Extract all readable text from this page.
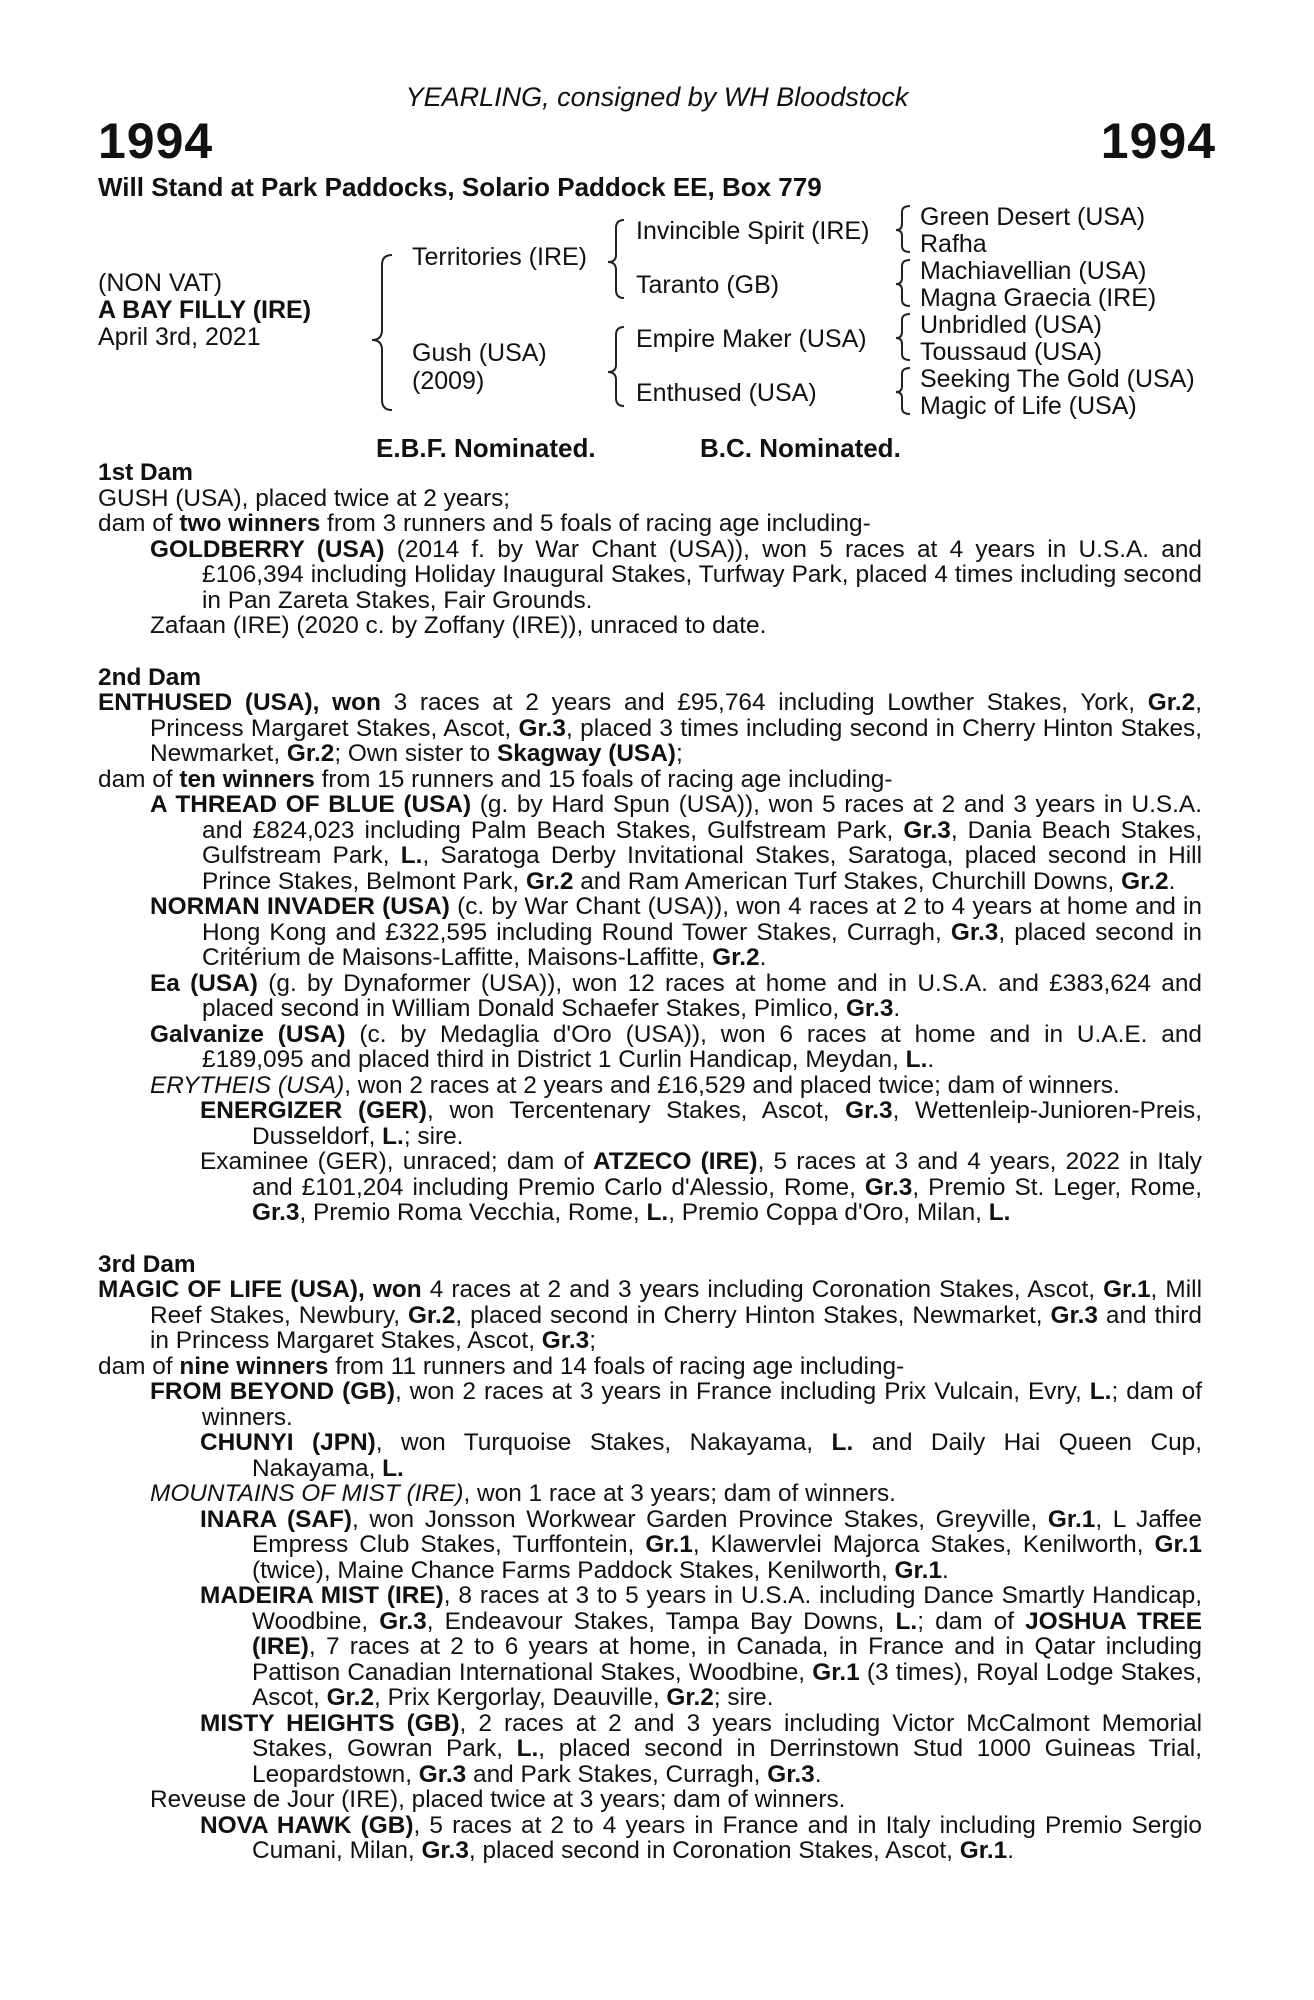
YEARLING, consigned by WH Bloodstock
1994	1994
Will Stand at Park Paddocks, Solario Paddock EE, Box 779
(NON VAT)
A BAY FILLY (IRE)
April 3rd, 2021
Territories (IRE)
Gush (USA)
(2009)
Invincible Spirit (IRE)
Taranto (GB)
Empire Maker (USA)
Enthused (USA)
Green Desert (USA)
Rafha
Machiavellian (USA)
Magna Graecia (IRE)
Unbridled (USA)
Toussaud (USA)
Seeking The Gold (USA)
Magic of Life (USA)
E.B.F. Nominated.	B.C. Nominated.
1st Dam
GUSH (USA), placed twice at 2 years;
dam of two winners from 3 runners and 5 foals of racing age including-
GOLDBERRY (USA) (2014 f. by War Chant (USA)), won 5 races at 4 years in U.S.A. and £106,394 including Holiday Inaugural Stakes, Turfway Park, placed 4 times including second in Pan Zareta Stakes, Fair Grounds.
Zafaan (IRE) (2020 c. by Zoffany (IRE)), unraced to date.
2nd Dam
ENTHUSED (USA), won 3 races at 2 years and £95,764 including Lowther Stakes, York, Gr.2, Princess Margaret Stakes, Ascot, Gr.3, placed 3 times including second in Cherry Hinton Stakes, Newmarket, Gr.2; Own sister to Skagway (USA);
dam of ten winners from 15 runners and 15 foals of racing age including-
A THREAD OF BLUE (USA) (g. by Hard Spun (USA)), won 5 races at 2 and 3 years in U.S.A. and £824,023 including Palm Beach Stakes, Gulfstream Park, Gr.3, Dania Beach Stakes, Gulfstream Park, L., Saratoga Derby Invitational Stakes, Saratoga, placed second in Hill Prince Stakes, Belmont Park, Gr.2 and Ram American Turf Stakes, Churchill Downs, Gr.2.
NORMAN INVADER (USA) (c. by War Chant (USA)), won 4 races at 2 to 4 years at home and in Hong Kong and £322,595 including Round Tower Stakes, Curragh, Gr.3, placed second in Critérium de Maisons-Laffitte, Maisons-Laffitte, Gr.2.
Ea (USA) (g. by Dynaformer (USA)), won 12 races at home and in U.S.A. and £383,624 and placed second in William Donald Schaefer Stakes, Pimlico, Gr.3.
Galvanize (USA) (c. by Medaglia d'Oro (USA)), won 6 races at home and in U.A.E. and £189,095 and placed third in District 1 Curlin Handicap, Meydan, L..
ERYTHEIS (USA), won 2 races at 2 years and £16,529 and placed twice; dam of winners.
ENERGIZER (GER), won Tercentenary Stakes, Ascot, Gr.3, Wettenleip-Junioren-Preis, Dusseldorf, L.; sire.
Examinee (GER), unraced; dam of ATZECO (IRE), 5 races at 3 and 4 years, 2022 in Italy and £101,204 including Premio Carlo d'Alessio, Rome, Gr.3, Premio St. Leger, Rome, Gr.3, Premio Roma Vecchia, Rome, L., Premio Coppa d'Oro, Milan, L.
3rd Dam
MAGIC OF LIFE (USA), won 4 races at 2 and 3 years including Coronation Stakes, Ascot, Gr.1, Mill Reef Stakes, Newbury, Gr.2, placed second in Cherry Hinton Stakes, Newmarket, Gr.3 and third in Princess Margaret Stakes, Ascot, Gr.3;
dam of nine winners from 11 runners and 14 foals of racing age including-
FROM BEYOND (GB), won 2 races at 3 years in France including Prix Vulcain, Evry, L.; dam of winners.
CHUNYI (JPN), won Turquoise Stakes, Nakayama, L. and Daily Hai Queen Cup, Nakayama, L.
MOUNTAINS OF MIST (IRE), won 1 race at 3 years; dam of winners.
INARA (SAF), won Jonsson Workwear Garden Province Stakes, Greyville, Gr.1, L Jaffee Empress Club Stakes, Turffontein, Gr.1, Klawervlei Majorca Stakes, Kenilworth, Gr.1 (twice), Maine Chance Farms Paddock Stakes, Kenilworth, Gr.1.
MADEIRA MIST (IRE), 8 races at 3 to 5 years in U.S.A. including Dance Smartly Handicap, Woodbine, Gr.3, Endeavour Stakes, Tampa Bay Downs, L.; dam of JOSHUA TREE (IRE), 7 races at 2 to 6 years at home, in Canada, in France and in Qatar including Pattison Canadian International Stakes, Woodbine, Gr.1 (3 times), Royal Lodge Stakes, Ascot, Gr.2, Prix Kergorlay, Deauville, Gr.2; sire.
MISTY HEIGHTS (GB), 2 races at 2 and 3 years including Victor McCalmont Memorial Stakes, Gowran Park, L., placed second in Derrinstown Stud 1000 Guineas Trial, Leopardstown, Gr.3 and Park Stakes, Curragh, Gr.3.
Reveuse de Jour (IRE), placed twice at 3 years; dam of winners.
NOVA HAWK (GB), 5 races at 2 to 4 years in France and in Italy including Premio Sergio Cumani, Milan, Gr.3, placed second in Coronation Stakes, Ascot, Gr.1.
